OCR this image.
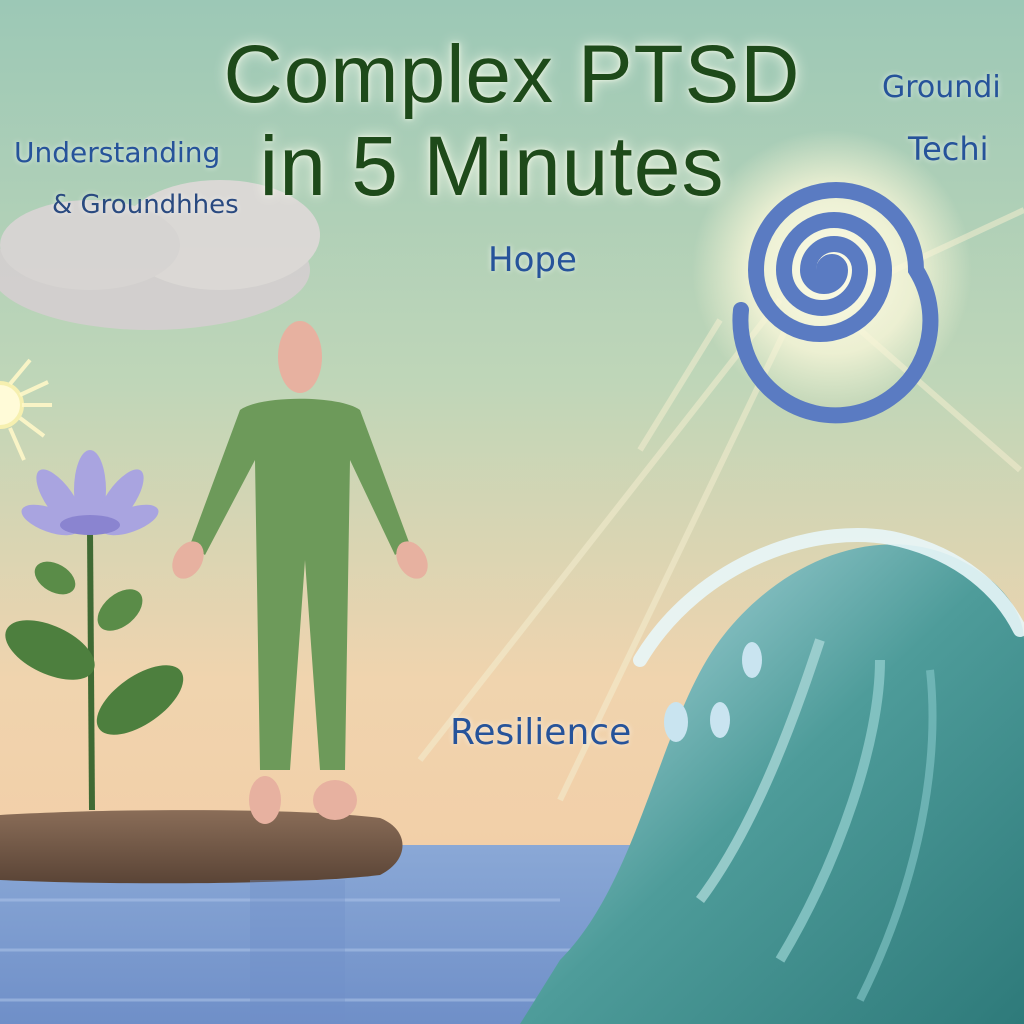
Complex PTSD
in 5 Minutes
Understanding
& Groundhhes
Hope
Groundi
Techi
Resilience
